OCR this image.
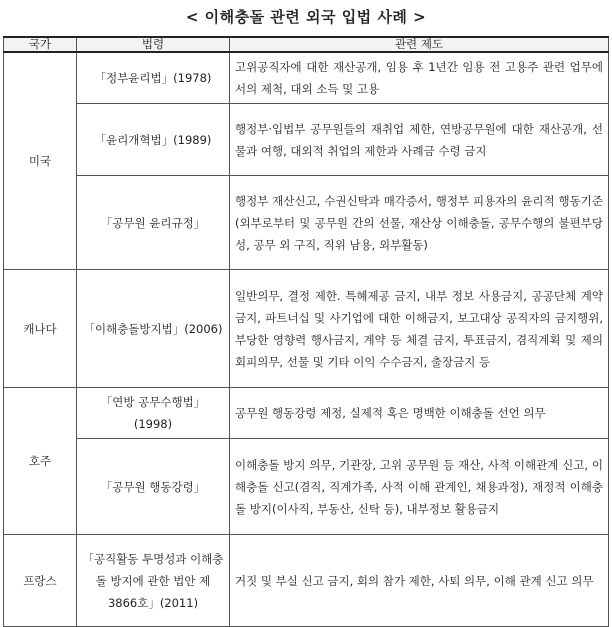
< 이해충돌 관련 외국 입법 사례 >
국가	법령	관련 제도
미국	「정부윤리법」(1978)	고위공직자에 대한 재산공개, 임용 후 1년간 임용 전 고용주 관련 업무에서의 제척, 대외 소득 및 고용
	「윤리개혁법」(1989)	행정부·입법부 공무원들의 재취업 제한, 연방공무원에 대한 재산공개, 선물과 여행, 대외적 취업의 제한과 사례금 수령 금지
	「공무원 윤리규정」	행정부 재산신고, 수권신탁과 매각증서, 행정부 피용자의 윤리적 행동기준(외부로부터 및 공무원 간의 선물, 재산상 이해충돌, 공무수행의 불편부당성, 공무 외 구직, 직위 남용, 외부활동)
캐나다	「이해충돌방지법」(2006)	일반의무, 결정 제한. 특혜제공 금지, 내부 정보 사용금지, 공공단체 계약금지, 파트너십 및 사기업에 대한 이해금지, 보고대상 공직자의 금지행위, 부당한 영향력 행사금지, 계약 등 체결 금지, 투표금지, 겸직계획 및 제의 회피의무, 선물 및 기타 이익 수수금지, 출장금지 등
호주	「연방 공무수행법」(1998)	공무원 행동강령 제정, 실제적 혹은 명백한 이해충돌 선언 의무
	「공무원 행동강령」	이해충돌 방지 의무, 기관장, 고위 공무원 등 재산, 사적 이해관계 신고, 이해충돌 신고(겸직, 직계가족, 사적 이해 관계인, 채용과정), 재정적 이해충돌 방지(이사직, 부동산, 신탁 등), 내부정보 활용금지
프랑스	「공직활동 투명성과 이해충돌 방지에 관한 법안 제3866호」(2011)	거짓 및 부실 신고 금지, 회의 참가 제한, 사퇴 의무, 이해 관계 신고 의무
